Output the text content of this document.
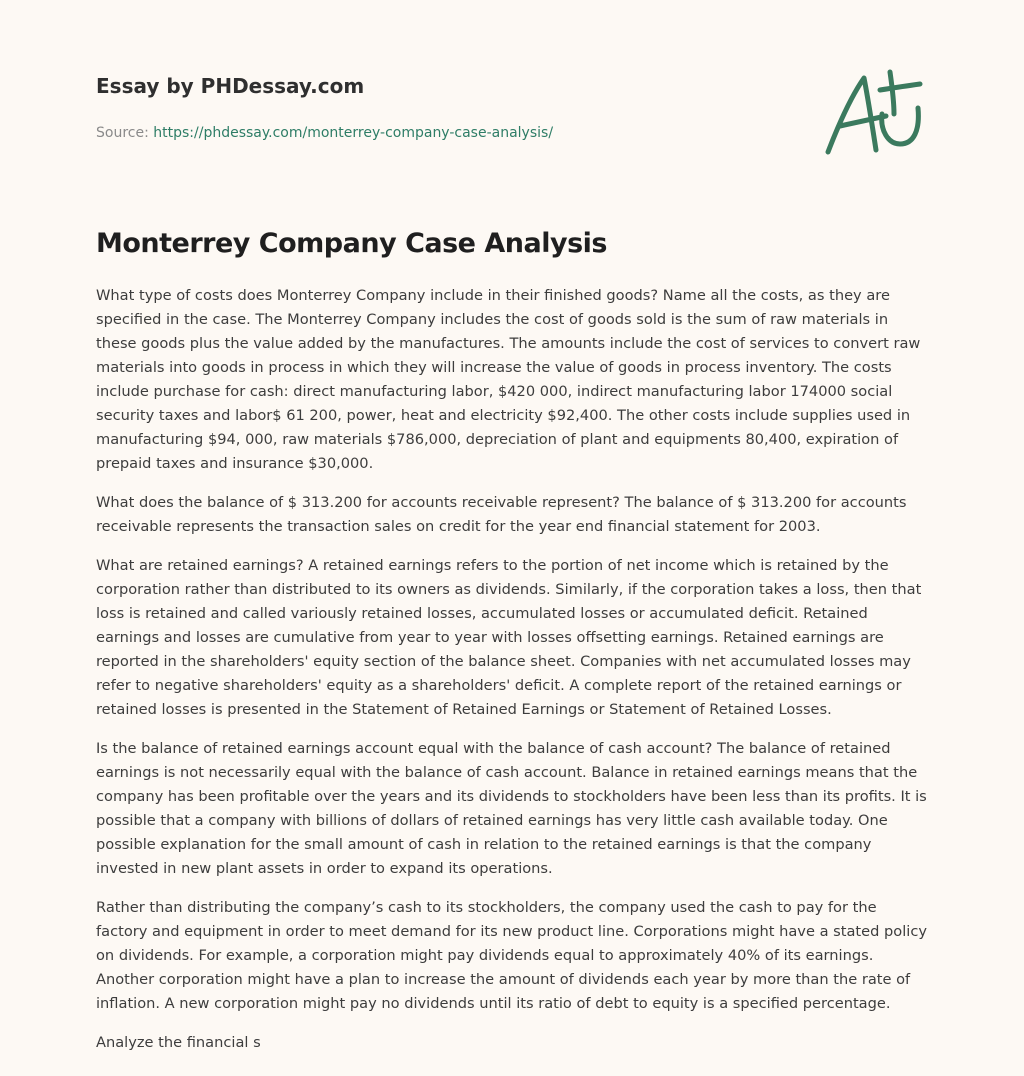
Essay by PHDessay.com
Source: https://phdessay.com/monterrey-company-case-analysis/
Monterrey Company Case Analysis

What type of costs does Monterrey Company include in their finished goods? Name all the costs, as they are specified in the case. The Monterrey Company includes the cost of goods sold is the sum of raw materials in these goods plus the value added by the manufactures. The amounts include the cost of services to convert raw materials into goods in process in which they will increase the value of goods in process inventory. The costs include purchase for cash: direct manufacturing labor, $420 000, indirect manufacturing labor 174000 social security taxes and labor$ 61 200, power, heat and electricity $92,400. The other costs include supplies used in manufacturing $94, 000, raw materials $786,000, depreciation of plant and equipments 80,400, expiration of prepaid taxes and insurance $30,000.

What does the balance of $ 313.200 for accounts receivable represent? The balance of $ 313.200 for accounts receivable represents the transaction sales on credit for the year end financial statement for 2003.

What are retained earnings? A retained earnings refers to the portion of net income which is retained by the corporation rather than distributed to its owners as dividends. Similarly, if the corporation takes a loss, then that loss is retained and called variously retained losses, accumulated losses or accumulated deficit. Retained earnings and losses are cumulative from year to year with losses offsetting earnings. Retained earnings are reported in the shareholders' equity section of the balance sheet. Companies with net accumulated losses may refer to negative shareholders' equity as a shareholders' deficit. A complete report of the retained earnings or retained losses is presented in the Statement of Retained Earnings or Statement of Retained Losses.

Is the balance of retained earnings account equal with the balance of cash account? The balance of retained earnings is not necessarily equal with the balance of cash account. Balance in retained earnings means that the company has been profitable over the years and its dividends to stockholders have been less than its profits. It is possible that a company with billions of dollars of retained earnings has very little cash available today. One possible explanation for the small amount of cash in relation to the retained earnings is that the company invested in new plant assets in order to expand its operations.

Rather than distributing the company’s cash to its stockholders, the company used the cash to pay for the factory and equipment in order to meet demand for its new product line. Corporations might have a stated policy on dividends. For example, a corporation might pay dividends equal to approximately 40% of its earnings. Another corporation might have a plan to increase the amount of dividends each year by more than the rate of inflation. A new corporation might pay no dividends until its ratio of debt to equity is a specified percentage.

Analyze the financial s
